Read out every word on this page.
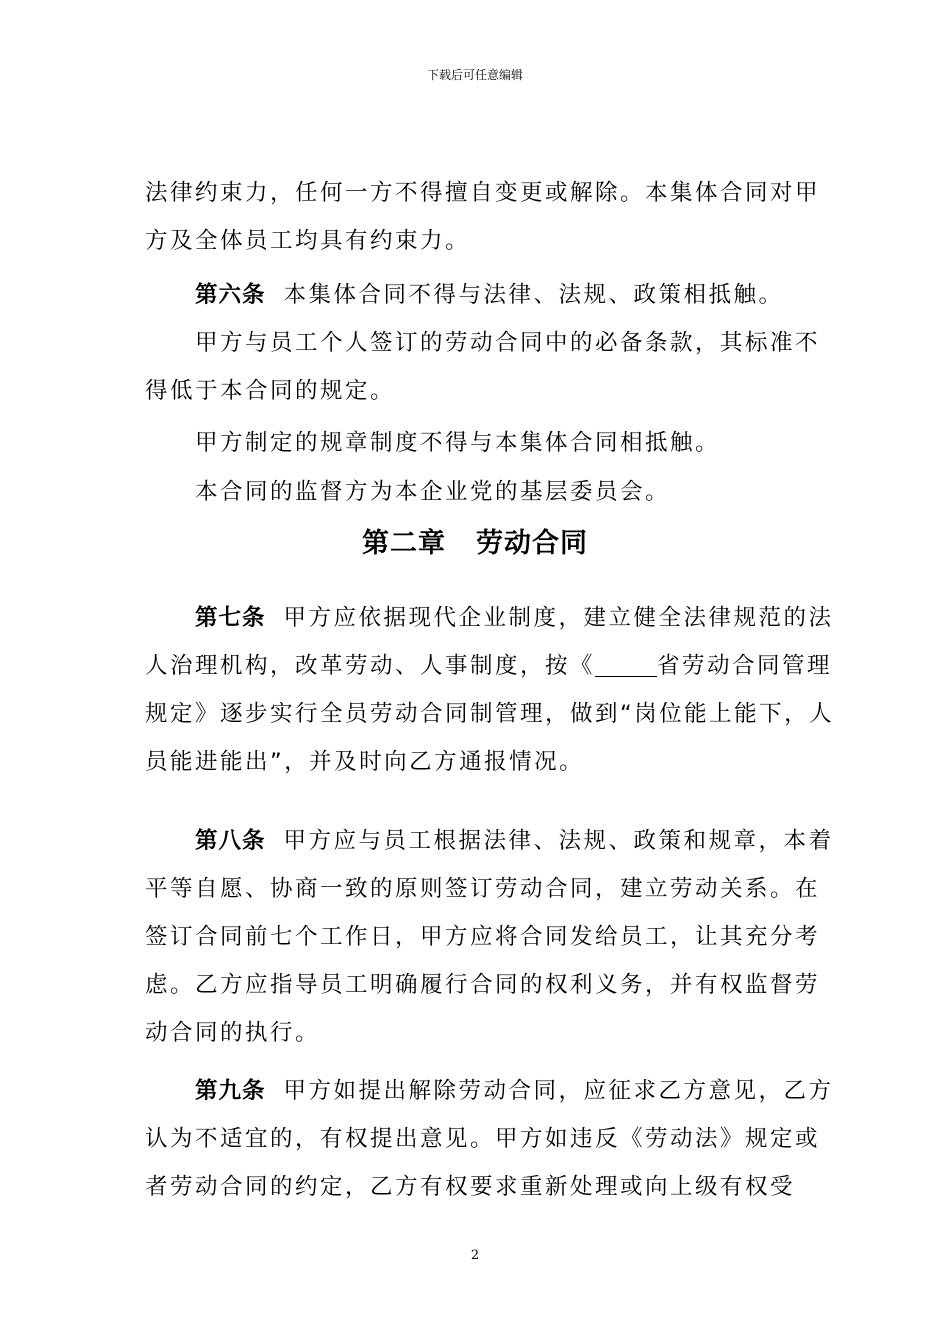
下载后可任意编辑

法律约束力，任何一方不得擅自变更或解除。本集体合同对甲方及全体员工均具有约束力。

第六条 本集体合同不得与法律、法规、政策相抵触。

甲方与员工个人签订的劳动合同中的必备条款，其标准不得低于本合同的规定。

甲方制定的规章制度不得与本集体合同相抵触。

本合同的监督方为本企业党的基层委员会。

第二章 劳动合同

第七条 甲方应依据现代企业制度，建立健全法律规范的法人治理机构，改革劳动、人事制度，按《	省劳动合同管理规定》逐步实行全员劳动合同制管理，做到“岗位能上能下，人员能进能出”，并及时向乙方通报情况。

第八条 甲方应与员工根据法律、法规、政策和规章，本着平等自愿、协商一致的原则签订劳动合同，建立劳动关系。在签订合同前七个工作日，甲方应将合同发给员工，让其充分考虑。乙方应指导员工明确履行合同的权利义务，并有权监督劳动合同的执行。

第九条 甲方如提出解除劳动合同，应征求乙方意见，乙方认为不适宜的，有权提出意见。甲方如违反《劳动法》规定或者劳动合同的约定，乙方有权要求重新处理或向上级有权受

2
